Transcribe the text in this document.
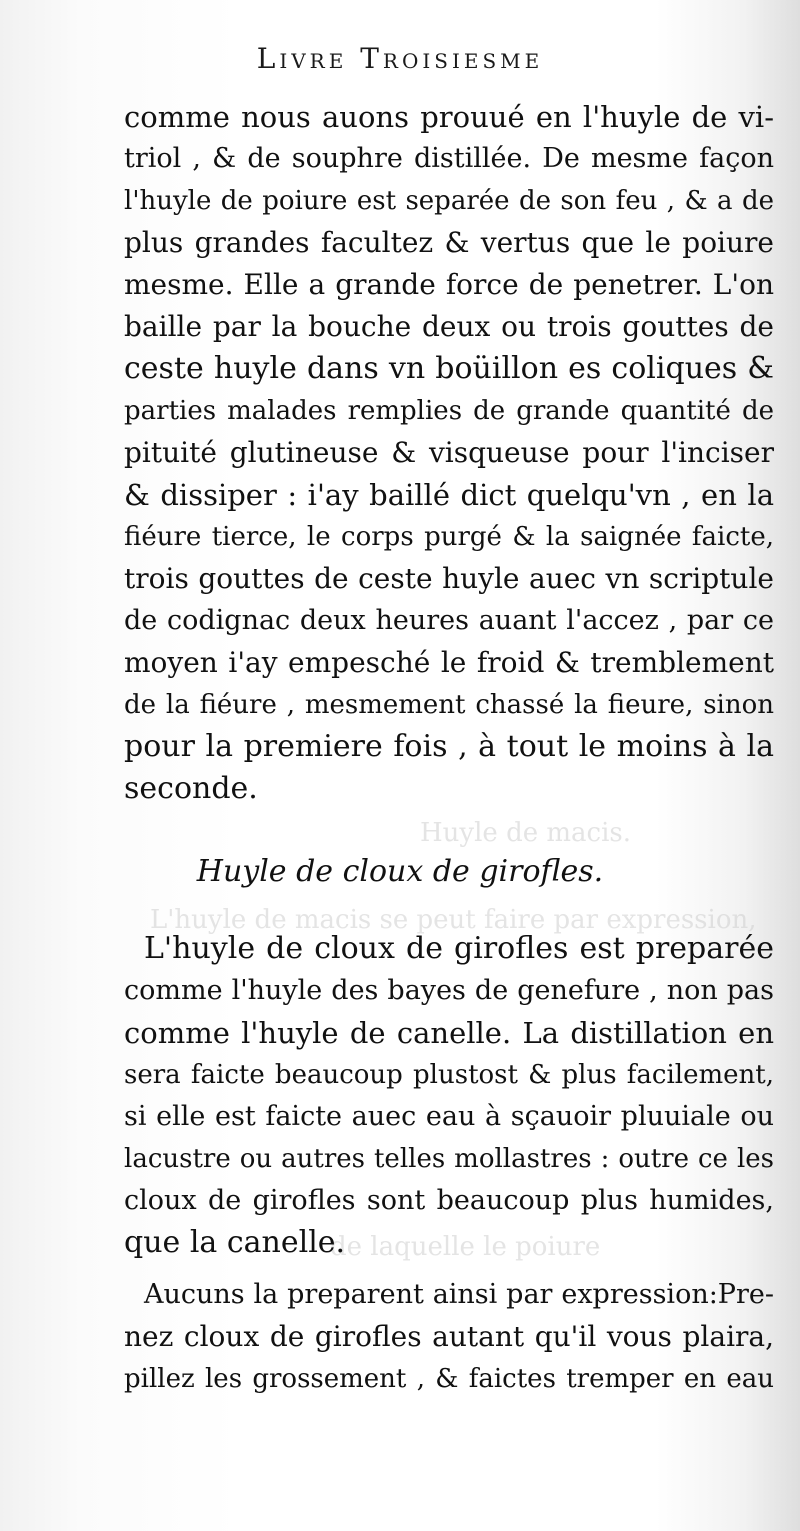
Huyle de macis.
L'huyle de macis se peut faire par expression,
de laquelle le poiure
Livre Troisiesme
comme nous auons prouué en l'huyle de vi-
triol , & de souphre distillée. De mesme façon
l'huyle de poiure est separée de son feu , & a de
plus grandes facultez & vertus que le poiure
mesme. Elle a grande force de penetrer. L'on
baille par la bouche deux ou trois gouttes de
ceste huyle dans vn boüillon es coliques &
parties malades remplies de grande quantité de
pituité glutineuse & visqueuse pour l'inciser
& dissiper : i'ay baillé dict quelqu'vn , en la
fiéure tierce, le corps purgé & la saignée faicte,
trois gouttes de ceste huyle auec vn scriptule
de codignac deux heures auant l'accez , par ce
moyen i'ay empesché le froid & tremblement
de la fiéure , mesmement chassé la fieure, sinon
pour la premiere fois , à tout le moins à la
seconde.
Huyle de cloux de girofles.
L'huyle de cloux de girofles est preparée
comme l'huyle des bayes de genefure , non pas
comme l'huyle de canelle. La distillation en
sera faicte beaucoup plustost & plus facilement,
si elle est faicte auec eau à sçauoir pluuiale ou
lacustre ou autres telles mollastres : outre ce les
cloux de girofles sont beaucoup plus humides,
que la canelle.
Aucuns la preparent ainsi par expression:Pre-
nez cloux de girofles autant qu'il vous plaira,
pillez les grossement , & faictes tremper en eau
